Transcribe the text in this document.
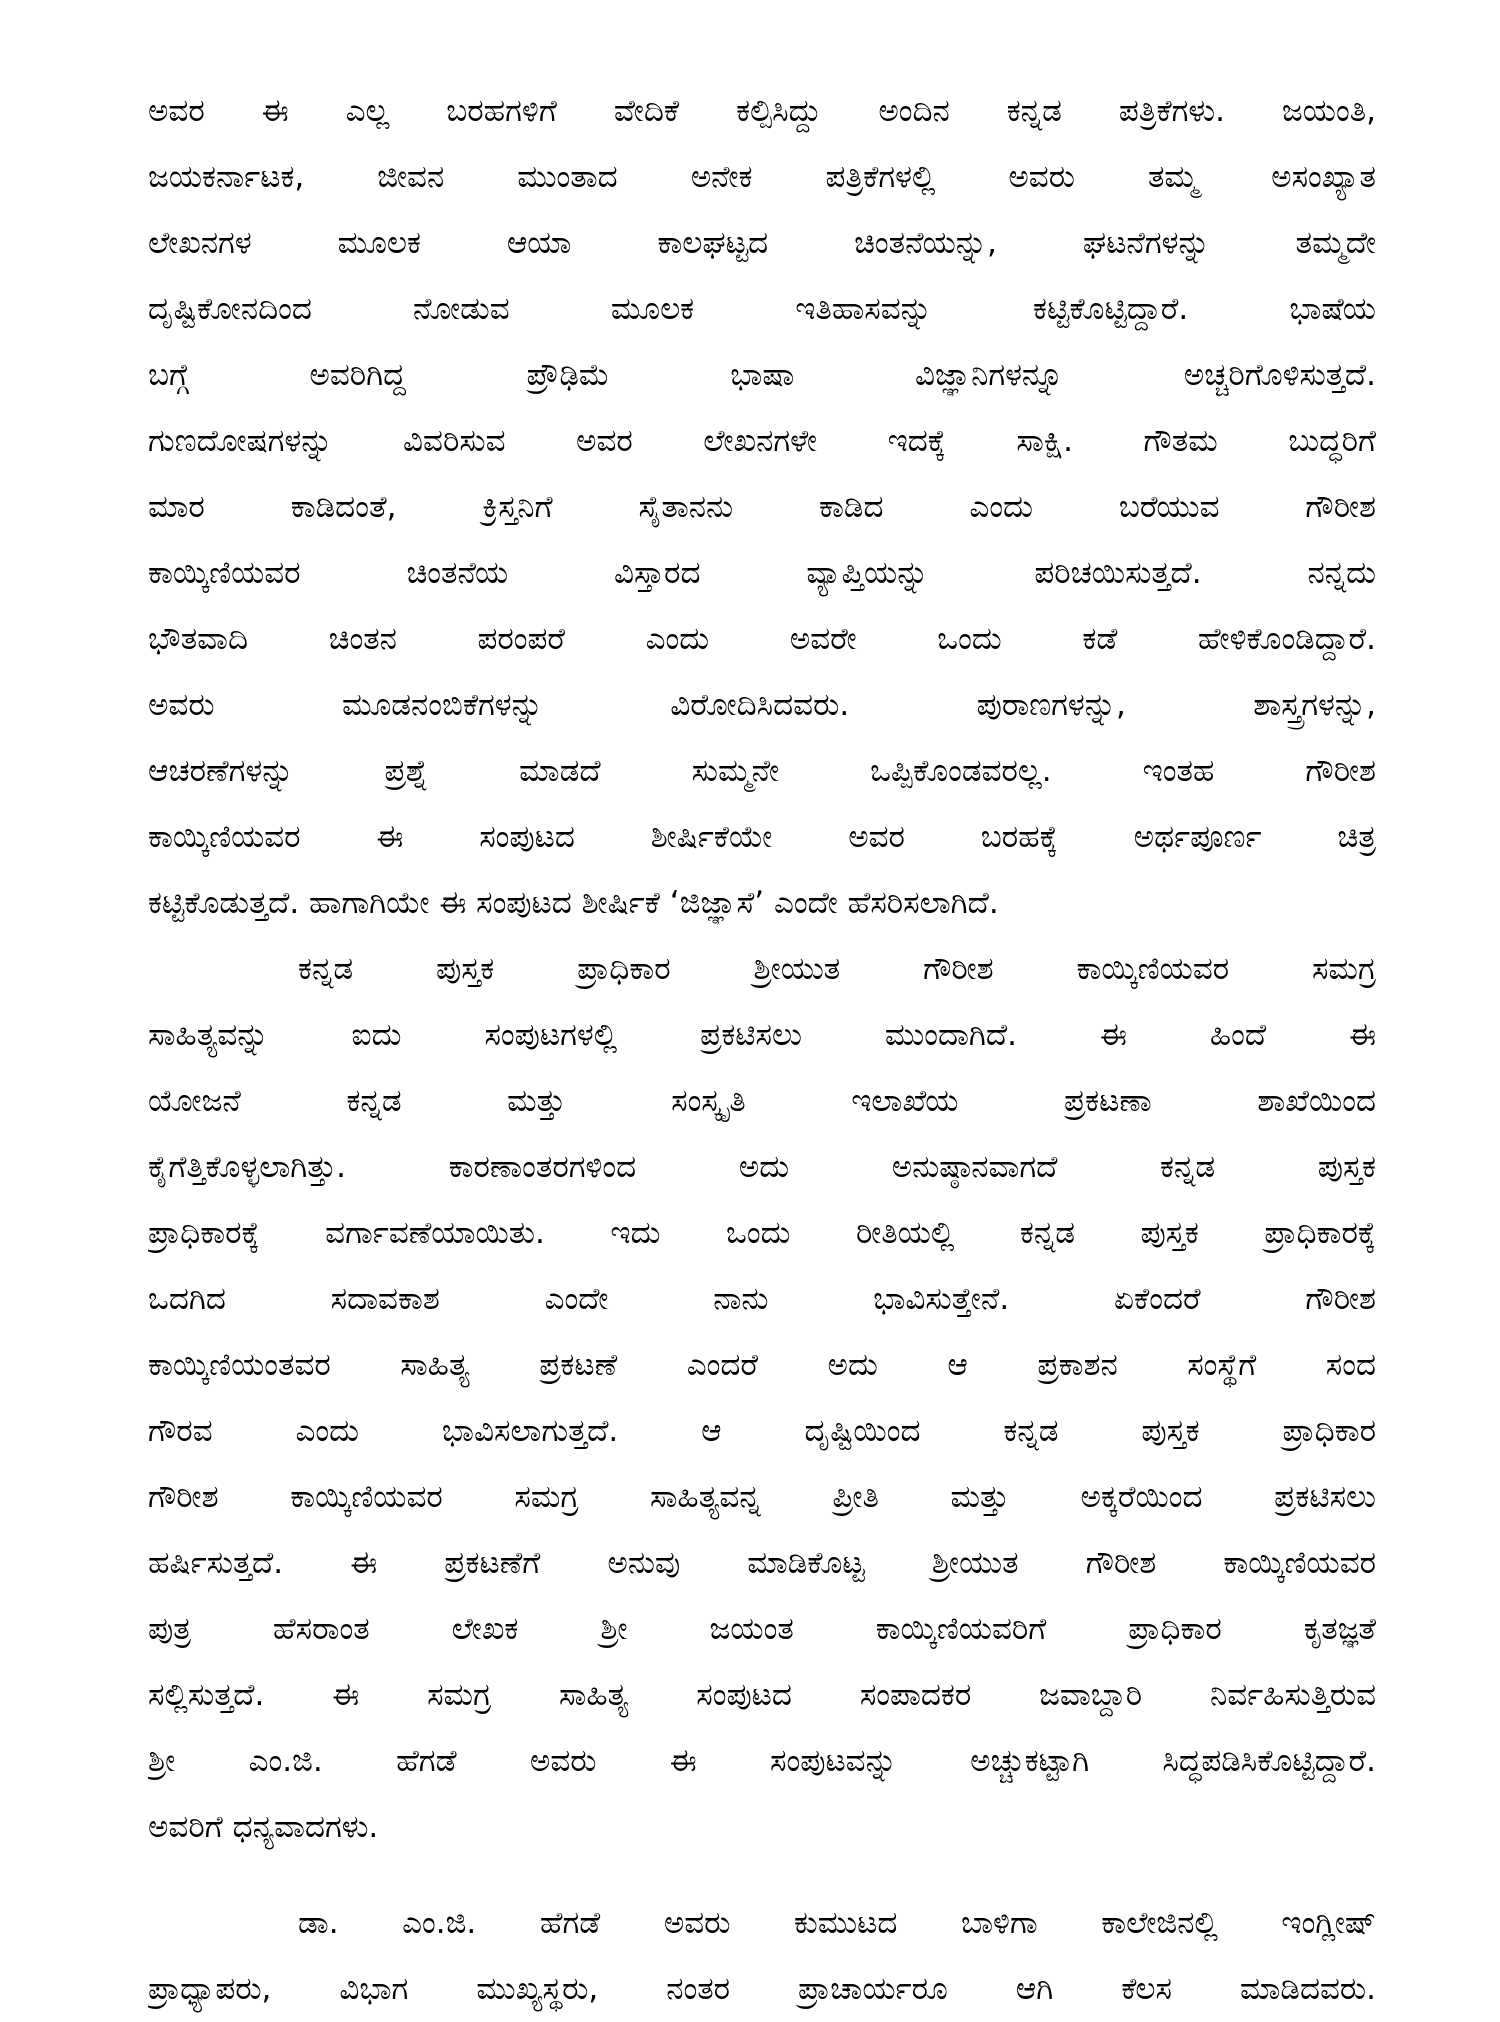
ಅವರ ಈ ಎಲ್ಲ ಬರಹಗಳಿಗೆ ವೇದಿಕೆ ಕಲ್ಪಿಸಿದ್ದು ಅಂದಿನ ಕನ್ನಡ ಪತ್ರಿಕೆಗಳು. ಜಯಂತಿ,
ಜಯಕರ್ನಾಟಕ, ಜೀವನ ಮುಂತಾದ ಅನೇಕ ಪತ್ರಿಕೆಗಳಲ್ಲಿ ಅವರು ತಮ್ಮ ಅಸಂಖ್ಯಾತ
ಲೇಖನಗಳ ಮೂಲಕ ಆಯಾ ಕಾಲಘಟ್ಟದ ಚಿಂತನೆಯನ್ನು, ಘಟನೆಗಳನ್ನು ತಮ್ಮದೇ
ದೃಷ್ಟಿಕೋನದಿಂದ ನೋಡುವ ಮೂಲಕ ಇತಿಹಾಸವನ್ನು ಕಟ್ಟಿಕೊಟ್ಟಿದ್ದಾರೆ. ಭಾಷೆಯ
ಬಗ್ಗೆ ಅವರಿಗಿದ್ದ ಪ್ರೌಢಿಮೆ ಭಾಷಾ ವಿಜ್ಞಾನಿಗಳನ್ನೂ ಅಚ್ಚರಿಗೊಳಿಸುತ್ತದೆ.
ಗುಣದೋಷಗಳನ್ನು ವಿವರಿಸುವ ಅವರ ಲೇಖನಗಳೇ ಇದಕ್ಕೆ ಸಾಕ್ಷಿ. ಗೌತಮ ಬುದ್ಧರಿಗೆ
ಮಾರ ಕಾಡಿದಂತೆ, ಕ್ರಿಸ್ತನಿಗೆ ಸೈತಾನನು ಕಾಡಿದ ಎಂದು ಬರೆಯುವ ಗೌರೀಶ
ಕಾಯ್ಕಿಣಿಯವರ ಚಿಂತನೆಯ ವಿಸ್ತಾರದ ವ್ಯಾಪ್ತಿಯನ್ನು ಪರಿಚಯಿಸುತ್ತದೆ. ನನ್ನದು
ಭೌತವಾದಿ ಚಿಂತನ ಪರಂಪರೆ ಎಂದು ಅವರೇ ಒಂದು ಕಡೆ ಹೇಳಿಕೊಂಡಿದ್ದಾರೆ.
ಅವರು ಮೂಡನಂಬಿಕೆಗಳನ್ನು ವಿರೋದಿಸಿದವರು. ಪುರಾಣಗಳನ್ನು, ಶಾಸ್ತ್ರಗಳನ್ನು,
ಆಚರಣೆಗಳನ್ನು ಪ್ರಶ್ನೆ ಮಾಡದೆ ಸುಮ್ಮನೇ ಒಪ್ಪಿಕೊಂಡವರಲ್ಲ. ಇಂತಹ ಗೌರೀಶ
ಕಾಯ್ಕಿಣಿಯವರ ಈ ಸಂಪುಟದ ಶೀರ್ಷಿಕೆಯೇ ಅವರ ಬರಹಕ್ಕೆ ಅರ್ಥಪೂರ್ಣ ಚಿತ್ರ
ಕಟ್ಟಿಕೊಡುತ್ತದೆ. ಹಾಗಾಗಿಯೇ ಈ ಸಂಪುಟದ ಶೀರ್ಷಿಕೆ ‘ಜಿಜ್ಞಾಸೆ’ ಎಂದೇ ಹೆಸರಿಸಲಾಗಿದೆ.
ಕನ್ನಡ ಪುಸ್ತಕ ಪ್ರಾಧಿಕಾರ ಶ್ರೀಯುತ ಗೌರೀಶ ಕಾಯ್ಕಿಣಿಯವರ ಸಮಗ್ರ
ಸಾಹಿತ್ಯವನ್ನು ಐದು ಸಂಪುಟಗಳಲ್ಲಿ ಪ್ರಕಟಿಸಲು ಮುಂದಾಗಿದೆ. ಈ ಹಿಂದೆ ಈ
ಯೋಜನೆ ಕನ್ನಡ ಮತ್ತು ಸಂಸ್ಕೃತಿ ಇಲಾಖೆಯ ಪ್ರಕಟಣಾ ಶಾಖೆಯಿಂದ
ಕೈಗೆತ್ತಿಕೊಳ್ಳಲಾಗಿತ್ತು. ಕಾರಣಾಂತರಗಳಿಂದ ಅದು ಅನುಷ್ಠಾನವಾಗದೆ ಕನ್ನಡ ಪುಸ್ತಕ
ಪ್ರಾಧಿಕಾರಕ್ಕೆ ವರ್ಗಾವಣೆಯಾಯಿತು. ಇದು ಒಂದು ರೀತಿಯಲ್ಲಿ ಕನ್ನಡ ಪುಸ್ತಕ ಪ್ರಾಧಿಕಾರಕ್ಕೆ
ಒದಗಿದ ಸದಾವಕಾಶ ಎಂದೇ ನಾನು ಭಾವಿಸುತ್ತೇನೆ. ಏಕೆಂದರೆ ಗೌರೀಶ
ಕಾಯ್ಕಿಣಿಯಂತವರ ಸಾಹಿತ್ಯ ಪ್ರಕಟಣೆ ಎಂದರೆ ಅದು ಆ ಪ್ರಕಾಶನ ಸಂಸ್ಥೆಗೆ ಸಂದ
ಗೌರವ ಎಂದು ಭಾವಿಸಲಾಗುತ್ತದೆ. ಆ ದೃಷ್ಟಿಯಿಂದ ಕನ್ನಡ ಪುಸ್ತಕ ಪ್ರಾಧಿಕಾರ
ಗೌರೀಶ ಕಾಯ್ಕಿಣಿಯವರ ಸಮಗ್ರ ಸಾಹಿತ್ಯವನ್ನ ಪ್ರೀತಿ ಮತ್ತು ಅಕ್ಕರೆಯಿಂದ ಪ್ರಕಟಿಸಲು
ಹರ್ಷಿಸುತ್ತದೆ. ಈ ಪ್ರಕಟಣೆಗೆ ಅನುವು ಮಾಡಿಕೊಟ್ಟ ಶ್ರೀಯುತ ಗೌರೀಶ ಕಾಯ್ಕಿಣಿಯವರ
ಪುತ್ರ ಹೆಸರಾಂತ ಲೇಖಕ ಶ್ರೀ ಜಯಂತ ಕಾಯ್ಕಿಣಿಯವರಿಗೆ ಪ್ರಾಧಿಕಾರ ಕೃತಜ್ಞತೆ
ಸಲ್ಲಿಸುತ್ತದೆ. ಈ ಸಮಗ್ರ ಸಾಹಿತ್ಯ ಸಂಪುಟದ ಸಂಪಾದಕರ ಜವಾಬ್ದಾರಿ ನಿರ್ವಹಿಸುತ್ತಿರುವ
ಶ್ರೀ ಎಂ.ಜಿ. ಹೆಗಡೆ ಅವರು ಈ ಸಂಪುಟವನ್ನು ಅಚ್ಚುಕಟ್ಟಾಗಿ ಸಿದ್ಧಪಡಿಸಿಕೊಟ್ಟಿದ್ದಾರೆ.
ಅವರಿಗೆ ಧನ್ಯವಾದಗಳು.
ಡಾ. ಎಂ.ಜಿ. ಹೆಗಡೆ ಅವರು ಕುಮುಟದ ಬಾಳಿಗಾ ಕಾಲೇಜಿನಲ್ಲಿ ಇಂಗ್ಲೀಷ್
ಪ್ರಾಧ್ಯಾಪರು, ವಿಭಾಗ ಮುಖ್ಯಸ್ಥರು, ನಂತರ ಪ್ರಾಚಾರ್ಯರೂ ಆಗಿ ಕೆಲಸ ಮಾಡಿದವರು.
